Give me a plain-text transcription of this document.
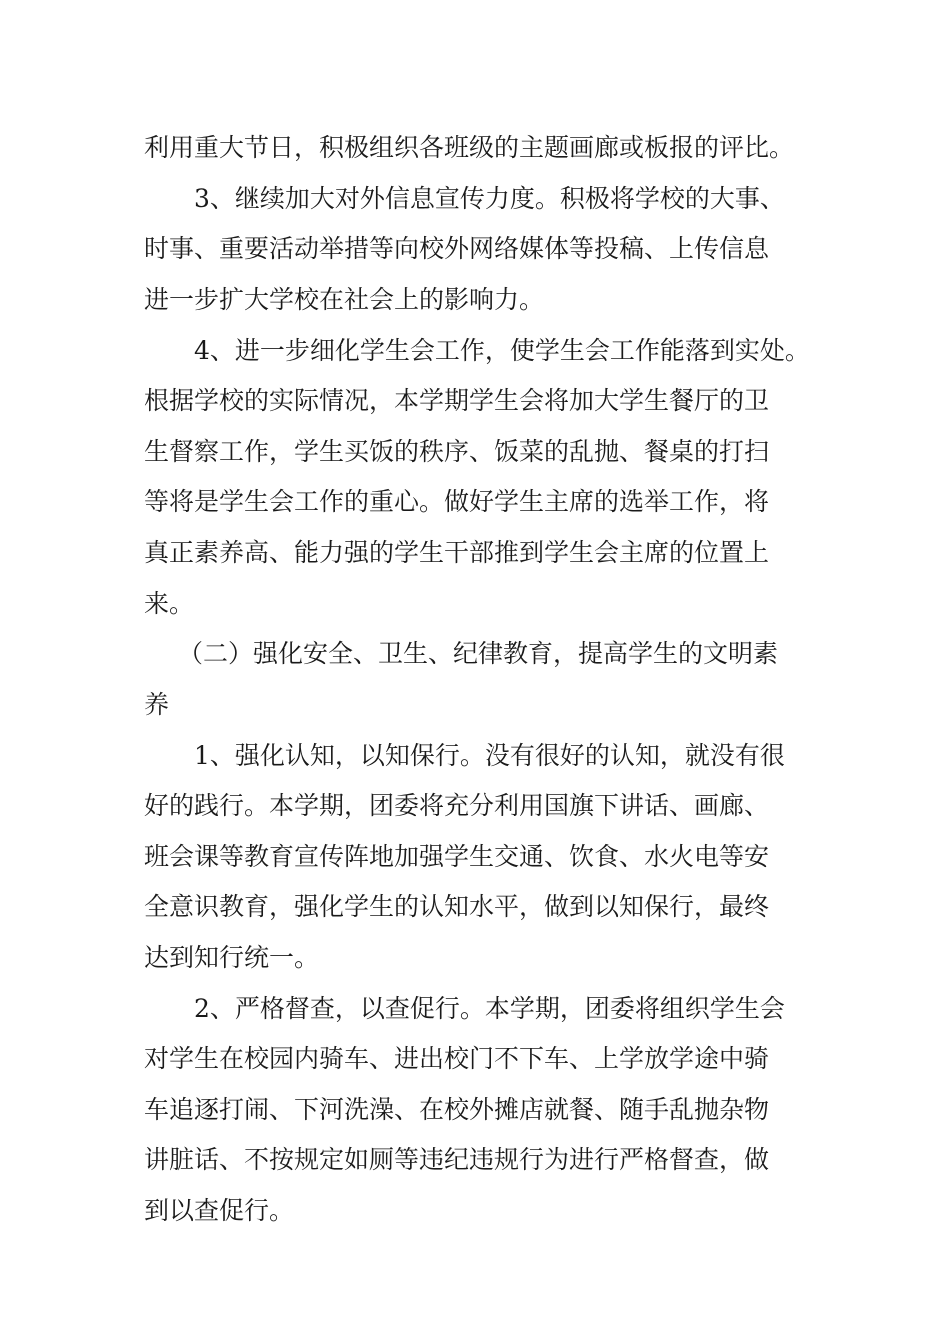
利用重大节日，积极组织各班级的主题画廊或板报的评比。

3、继续加大对外信息宣传力度。积极将学校的大事、

时事、重要活动举措等向校外网络媒体等投稿、上传信息

进一步扩大学校在社会上的影响力。

4、进一步细化学生会工作，使学生会工作能落到实处。

根据学校的实际情况，本学期学生会将加大学生餐厅的卫

生督察工作，学生买饭的秩序、饭菜的乱抛、餐桌的打扫

等将是学生会工作的重心。做好学生主席的选举工作，将

真正素养高、能力强的学生干部推到学生会主席的位置上

来。

（二）强化安全、卫生、纪律教育，提高学生的文明素

养

1、强化认知，以知保行。没有很好的认知，就没有很

好的践行。本学期，团委将充分利用国旗下讲话、画廊、

班会课等教育宣传阵地加强学生交通、饮食、水火电等安

全意识教育，强化学生的认知水平，做到以知保行，最终

达到知行统一。

2、严格督查，以查促行。本学期，团委将组织学生会

对学生在校园内骑车、进出校门不下车、上学放学途中骑

车追逐打闹、下河洗澡、在校外摊店就餐、随手乱抛杂物

讲脏话、不按规定如厕等违纪违规行为进行严格督查，做

到以查促行。
